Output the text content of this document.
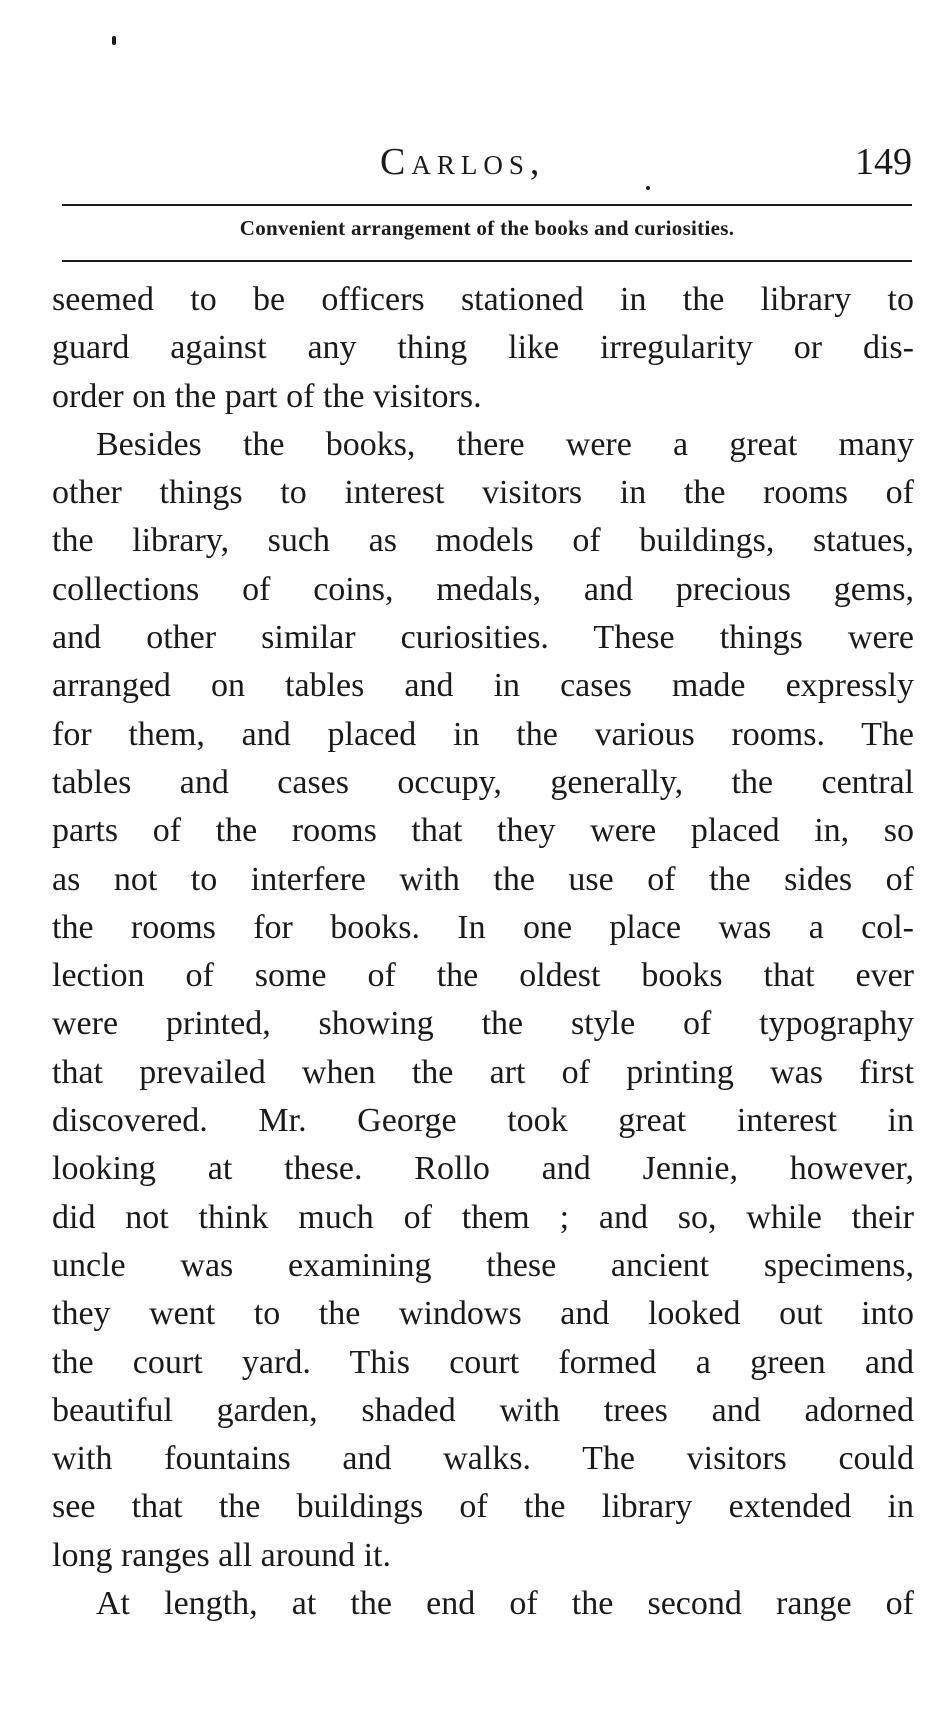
Carlos,	149
Convenient arrangement of the books and curiosities.
seemed to be officers stationed in the library to
guard against any thing like irregularity or dis-
order on the part of the visitors.
Besides the books, there were a great many
other things to interest visitors in the rooms of
the library, such as models of buildings, statues,
collections of coins, medals, and precious gems,
and other similar curiosities. These things were
arranged on tables and in cases made expressly
for them, and placed in the various rooms. The
tables and cases occupy, generally, the central
parts of the rooms that they were placed in, so
as not to interfere with the use of the sides of
the rooms for books. In one place was a col-
lection of some of the oldest books that ever
were printed, showing the style of typography
that prevailed when the art of printing was first
discovered. Mr. George took great interest in
looking at these. Rollo and Jennie, however,
did not think much of them ; and so, while their
uncle was examining these ancient specimens,
they went to the windows and looked out into
the court yard. This court formed a green and
beautiful garden, shaded with trees and adorned
with fountains and walks. The visitors could
see that the buildings of the library extended in
long ranges all around it.
At length, at the end of the second range of
